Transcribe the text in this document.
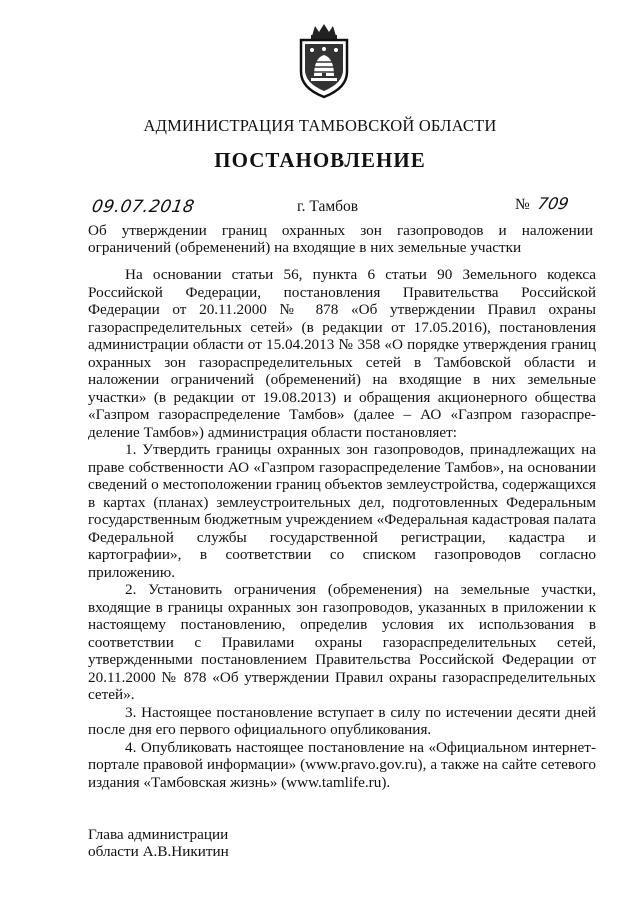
АДМИНИСТРАЦИЯ ТАМБОВСКОЙ ОБЛАСТИ
ПОСТАНОВЛЕНИЕ
09.07.2018	г. Тамбов	№ 709
Об утверждении границ охранных зон газопроводов и наложении ограничений (обременений) на входящие в них земельные участки

На основании статьи 56, пункта 6 статьи 90 Земельного кодекса Российской Федерации, постановления Правительства Российской Федерации от 20.11.2000 № 878 «Об утверждении Правил охраны газораспределительных сетей» (в редакции от 17.05.2016), постановления администрации области от 15.04.2013 № 358 «О порядке утверждения границ охранных зон газораспределительных сетей в Тамбовской области и наложении ограничений (обременений) на входящие в них земельные участки» (в редакции от 19.08.2013) и обращения акционерного общества «Газпром газораспределение Тамбов» (далее – АО «Газпром газораспре-деление Тамбов») администрация области постановляет:

1. Утвердить границы охранных зон газопроводов, принадлежащих на праве собственности АО «Газпром газораспределение Тамбов», на основании сведений о местоположении границ объектов землеустройства, содержащихся в картах (планах) землеустроительных дел, подготовленных Федеральным государственным бюджетным учреждением «Федеральная кадастровая палата Федеральной службы государственной регистрации, кадастра и картографии», в соответствии со списком газопроводов согласно приложению.

2. Установить ограничения (обременения) на земельные участки, входящие в границы охранных зон газопроводов, указанных в приложении к настоящему постановлению, определив условия их использования в соответствии с Правилами охраны газораспределительных сетей, утвержденными постановлением Правительства Российской Федерации от 20.11.2000 № 878 «Об утверждении Правил охраны газораспределительных сетей».

3. Настоящее постановление вступает в силу по истечении десяти дней после дня его первого официального опубликования.

4. Опубликовать настоящее постановление на «Официальном интернет-портале правовой информации» (www.pravo.gov.ru), а также на сайте сетевого издания «Тамбовская жизнь» (www.tamlife.ru).

Глава администрации
области А.В.Никитин
